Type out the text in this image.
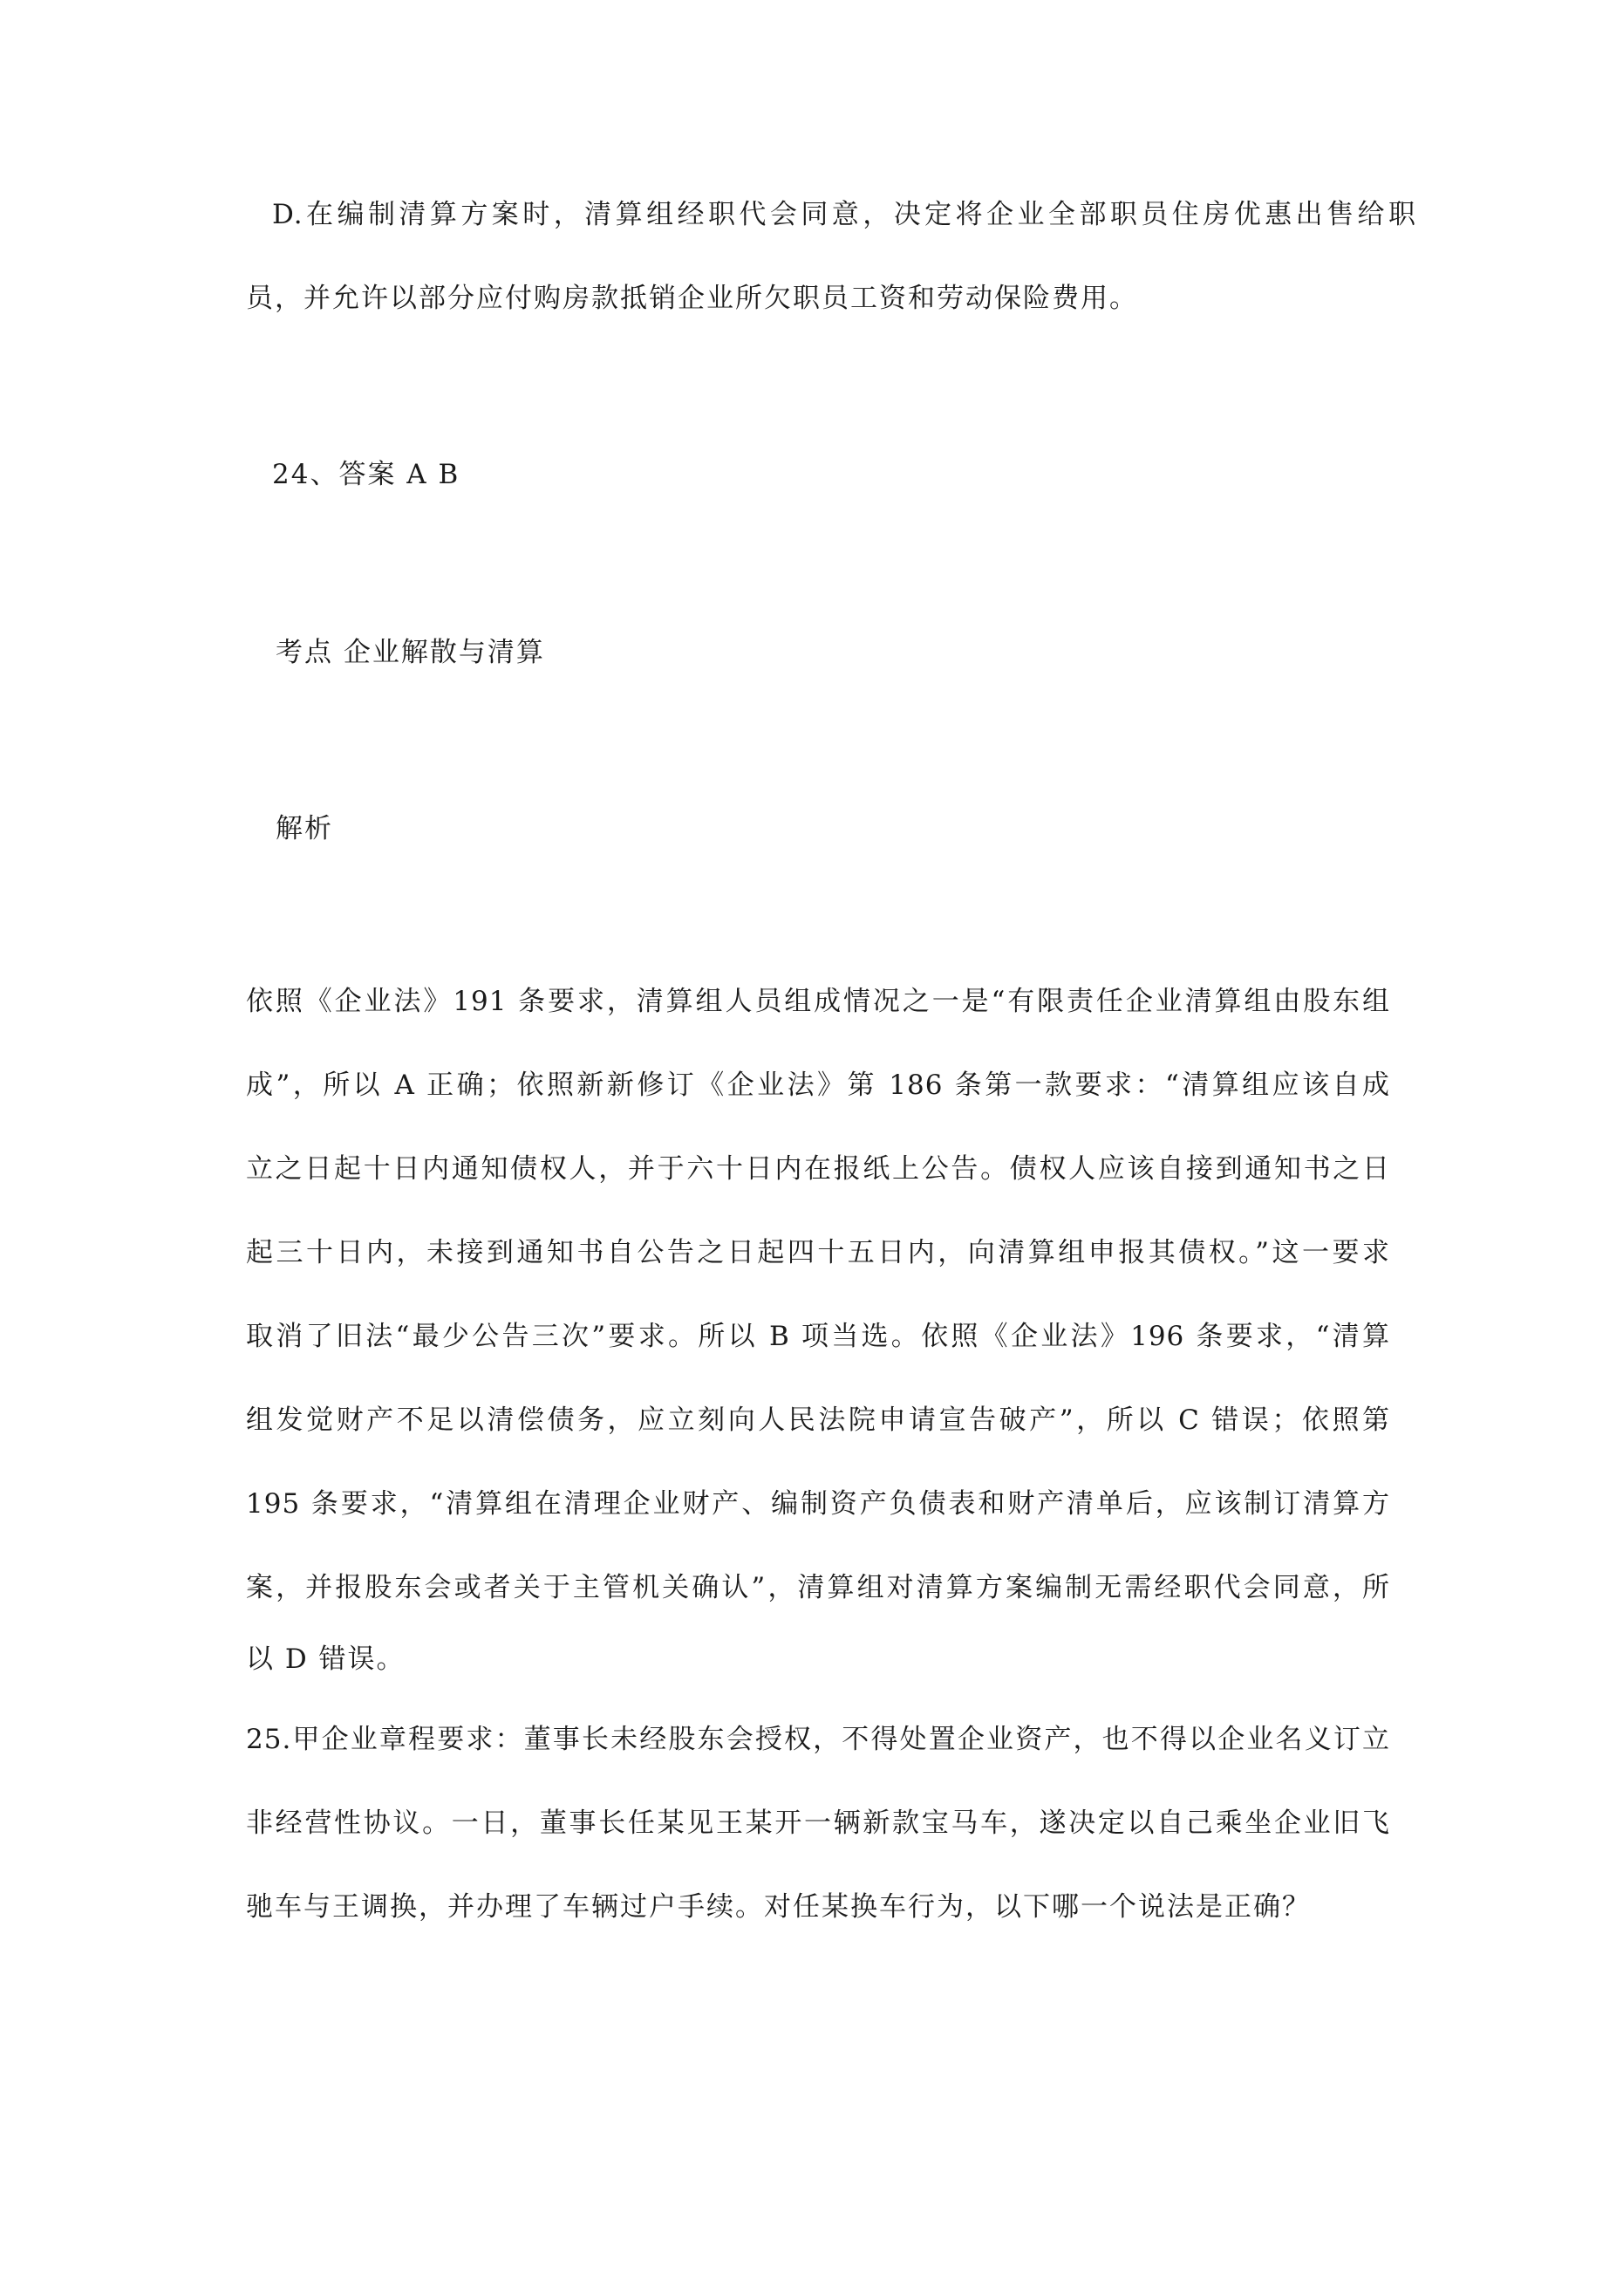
D.在编制清算方案时，清算组经职代会同意，决定将企业全部职员住房优惠出售给职
员，并允许以部分应付购房款抵销企业所欠职员工资和劳动保险费用。
24、答案 A B
考点 企业解散与清算
解析
依照《企业法》191 条要求，清算组人员组成情况之一是“有限责任企业清算组由股东组
成”，所以 A 正确；依照新新修订《企业法》第 186 条第一款要求：“清算组应该自成
立之日起十日内通知债权人，并于六十日内在报纸上公告。债权人应该自接到通知书之日
起三十日内，未接到通知书自公告之日起四十五日内，向清算组申报其债权。”这一要求
取消了旧法“最少公告三次”要求。所以 B 项当选。依照《企业法》196 条要求，“清算
组发觉财产不足以清偿债务，应立刻向人民法院申请宣告破产”，所以 C 错误；依照第
195 条要求，“清算组在清理企业财产、编制资产负债表和财产清单后，应该制订清算方
案，并报股东会或者关于主管机关确认”，清算组对清算方案编制无需经职代会同意，所
以 D 错误。
25.甲企业章程要求：董事长未经股东会授权，不得处置企业资产，也不得以企业名义订立
非经营性协议。一日，董事长任某见王某开一辆新款宝马车，遂决定以自己乘坐企业旧飞
驰车与王调换，并办理了车辆过户手续。对任某换车行为，以下哪一个说法是正确？
